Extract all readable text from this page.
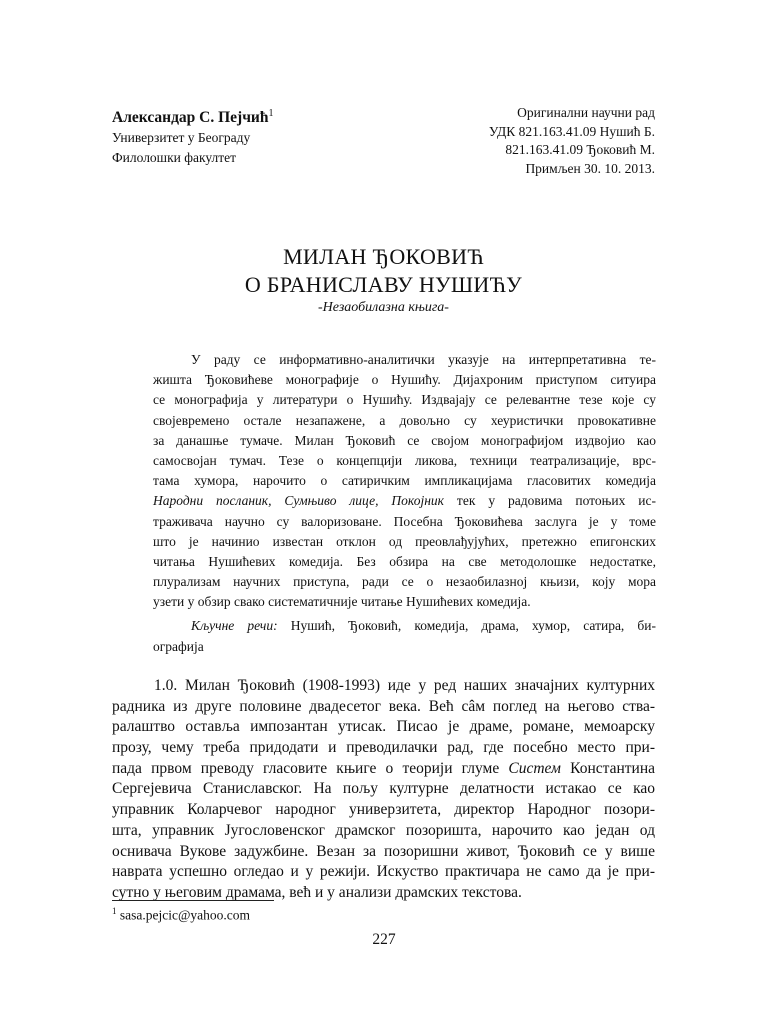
Александар С. Пејчић$^1$
Универзитет у Београду
Филолошки факултет
Оригинални научни рад
УДК 821.163.41.09 Нушић Б.
821.163.41.09 Ђоковић М.
Примљен 30. 10. 2013.
МИЛАН ЂОКОВИЋ
О БРАНИСЛАВУ НУШИЋУ
-Незаобилазна књига-
У раду се информативно-аналитички указује на интерпретативна те-
жишта Ђоковићеве монографије о Нушићу. Дијахроним приступом ситуира
се монографија у литератури о Нушићу. Издвајају се релевантне тезе које су
својевремено остале незапажене, а довољно су хеуристички провокативне
за данашње тумаче. Милан Ђоковић се својом монографијом издвојио као
самосвојан тумач. Тезе о концепцији ликова, техници театрализације, врс-
тама хумора, нарочито о сатиричким импликацијама гласовитих комедија
Народни посланик, Сумњиво лице, Покојник тек у радовима потоњих ис-
траживача научно су валоризоване. Посебна Ђоковићева заслуга је у томе
што је начинио известан отклон од преовлађујућих, претежно епигонских
читања Нушићевих комедија. Без обзира на све методолошке недостатке,
плурализам научних приступа, ради се о незаобилазној књизи, коју мора
узети у обзир свако систематичније читање Нушићевих комедија.
Кључне речи: Нушић, Ђоковић, комедија, драма, хумор, сатира, би-
ографија
1.0. Милан Ђоковић (1908-1993) иде у ред наших значајних културних
радника из друге половине двадесетог века. Већ сâм поглед на његово ства-
ралаштво оставља импозантан утисак. Писао је драме, романе, мемоарску
прозу, чему треба придодати и преводилачки рад, где посебно место при-
пада првом преводу гласовите књиге о теорији глуме Систем Константина
Сергејевича Станиславског. На пољу културне делатности истакао се као
управник Коларчевог народног универзитета, директор Народног позори-
шта, управник Југословенског драмског позоришта, нарочито као један од
оснивача Вукове задужбине. Везан за позоришни живот, Ђоковић се у више
наврата успешно огледао и у режији. Искуство практичара не само да је при-
сутно у његовим драмама, већ и у анализи драмских текстова.
$^1$ sasa.pejcic@yahoo.com
227
